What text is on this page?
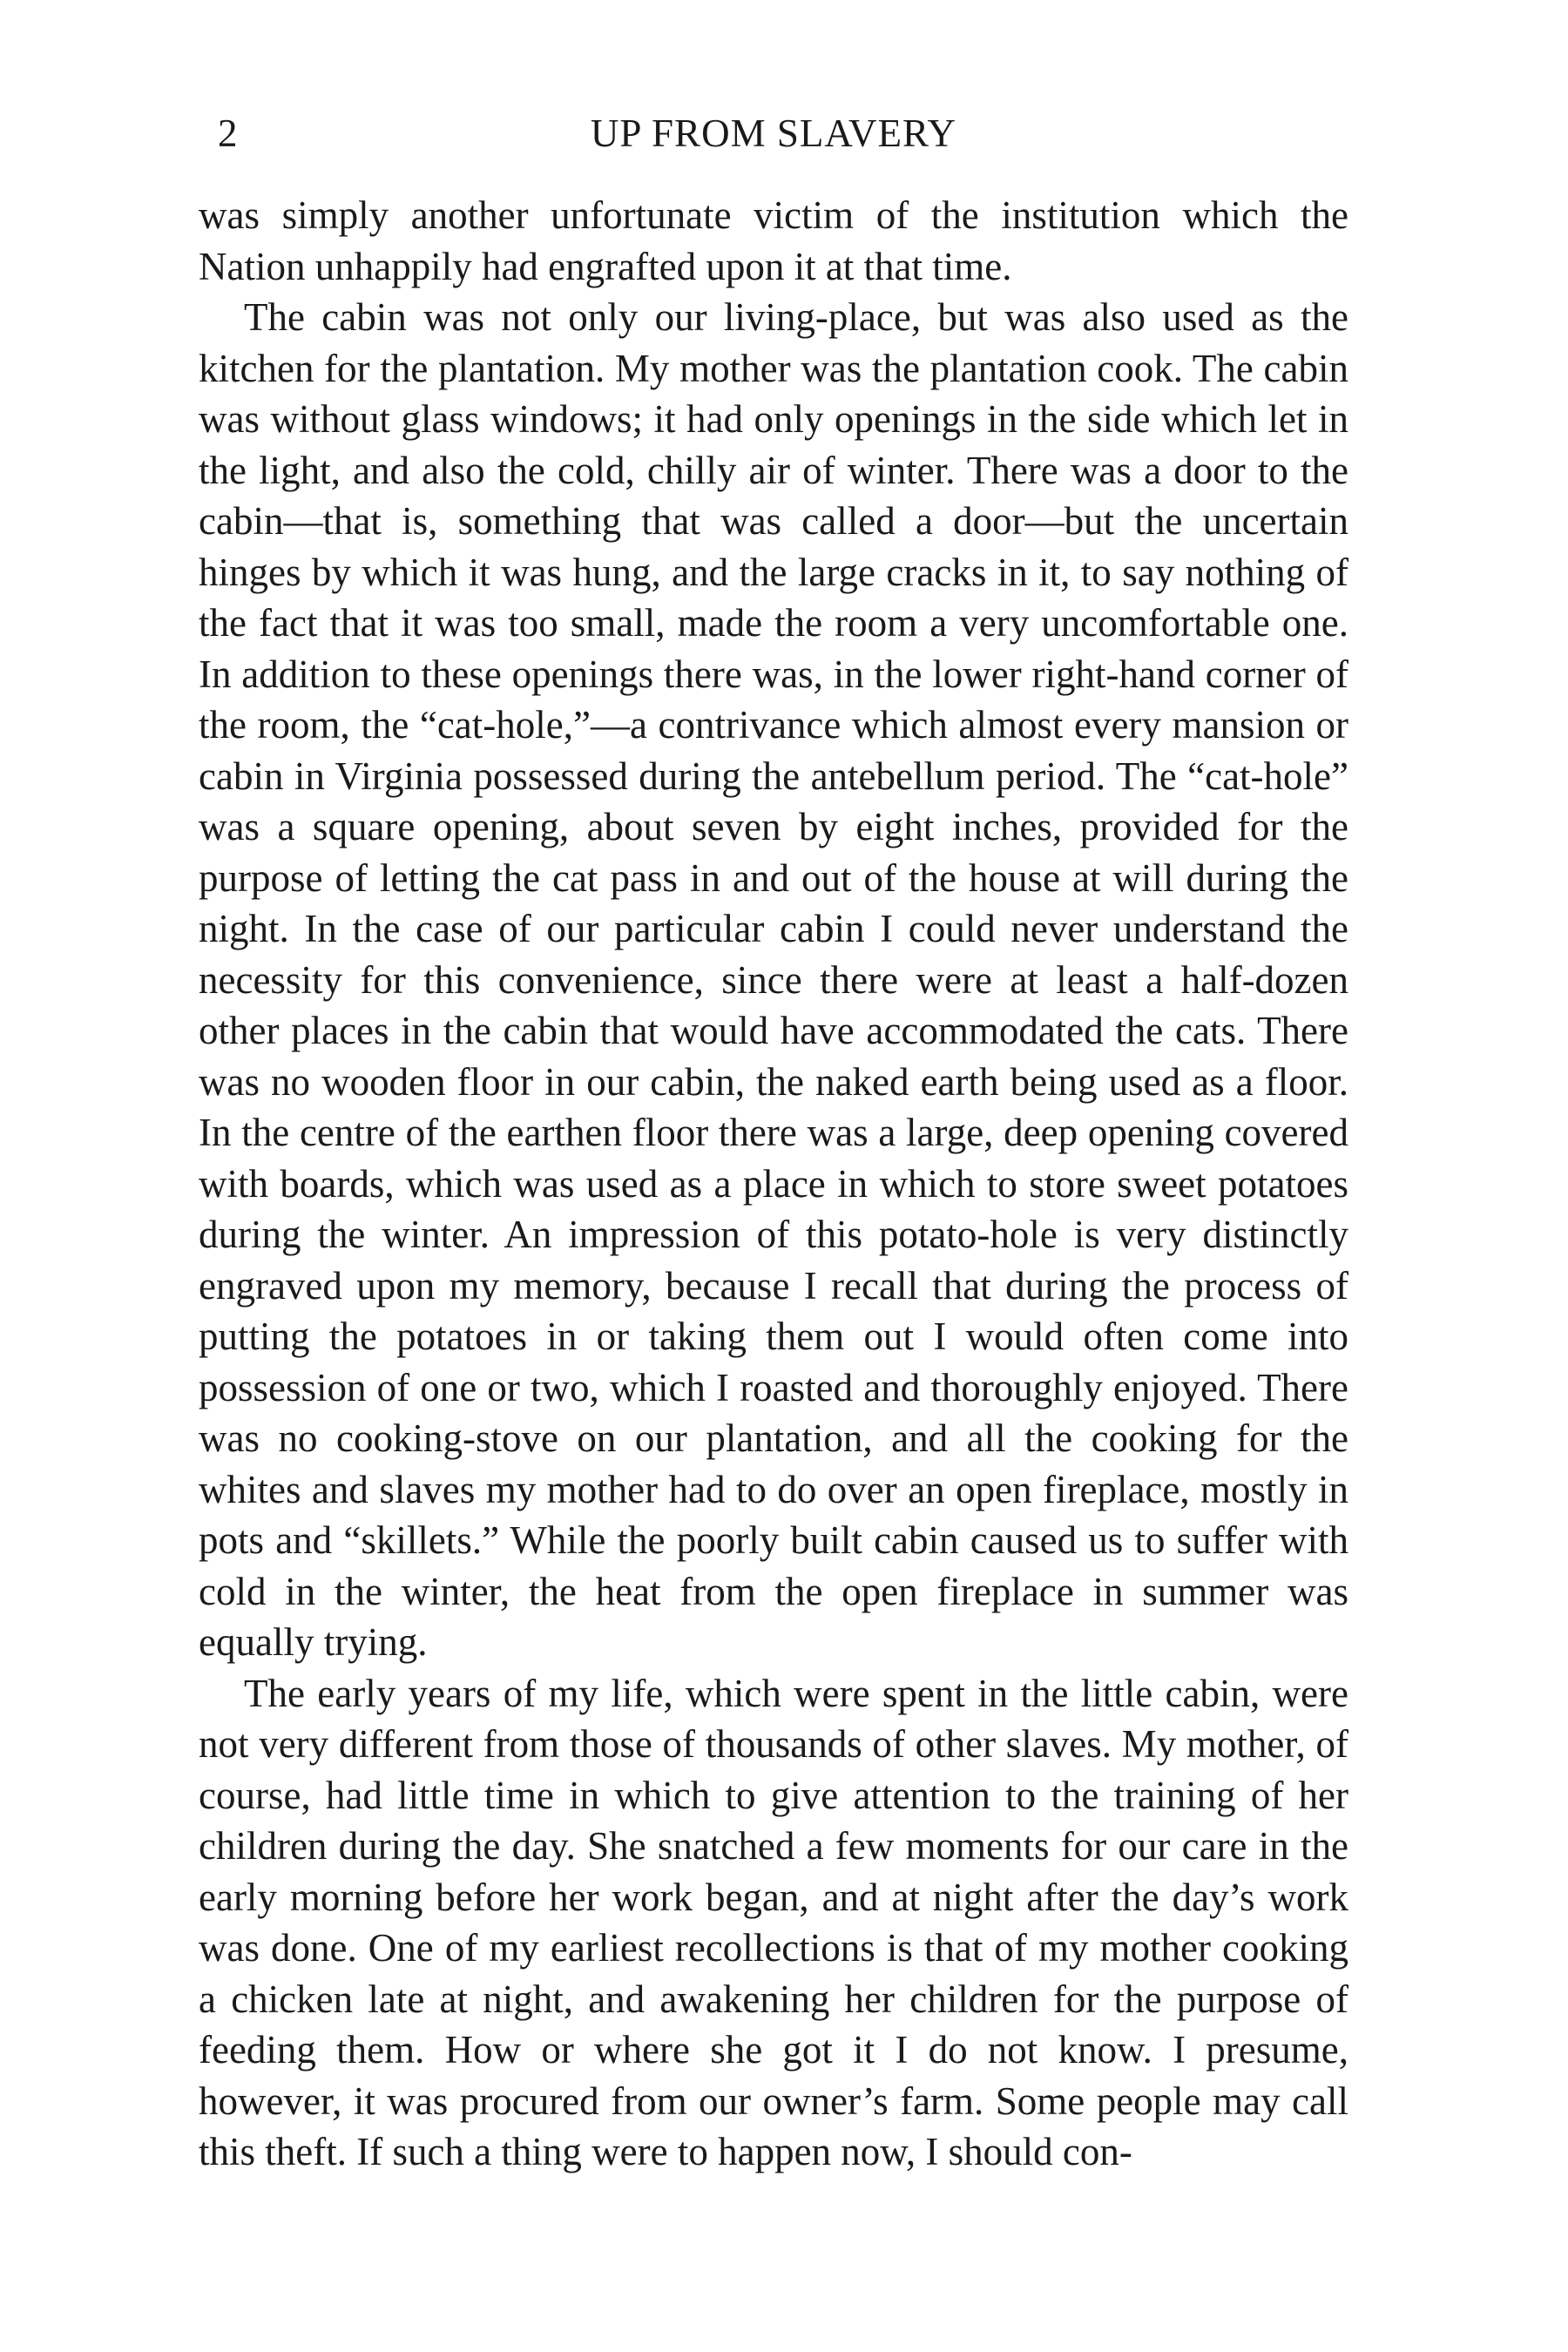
2	UP FROM SLAVERY

was simply another unfortunate victim of the institution which the Nation unhappily had engrafted upon it at that time.

The cabin was not only our living-place, but was also used as the kitchen for the plantation. My mother was the plantation cook. The cabin was without glass windows; it had only openings in the side which let in the light, and also the cold, chilly air of winter. There was a door to the cabin—that is, something that was called a door—but the uncertain hinges by which it was hung, and the large cracks in it, to say nothing of the fact that it was too small, made the room a very uncomfortable one. In addition to these openings there was, in the lower right-hand corner of the room, the “cat-hole,”—a contrivance which almost every mansion or cabin in Virginia possessed during the antebellum period. The “cat-hole” was a square opening, about seven by eight inches, provided for the purpose of letting the cat pass in and out of the house at will during the night. In the case of our particular cabin I could never understand the necessity for this convenience, since there were at least a half-dozen other places in the cabin that would have accommodated the cats. There was no wooden floor in our cabin, the naked earth being used as a floor. In the centre of the earthen floor there was a large, deep opening covered with boards, which was used as a place in which to store sweet potatoes during the winter. An impression of this potato-hole is very distinctly engraved upon my memory, because I recall that during the process of putting the potatoes in or taking them out I would often come into possession of one or two, which I roasted and thoroughly enjoyed. There was no cooking-stove on our plantation, and all the cooking for the whites and slaves my mother had to do over an open fireplace, mostly in pots and “skillets.” While the poorly built cabin caused us to suffer with cold in the winter, the heat from the open fireplace in summer was equally trying.

The early years of my life, which were spent in the little cabin, were not very different from those of thousands of other slaves. My mother, of course, had little time in which to give attention to the training of her children during the day. She snatched a few moments for our care in the early morning before her work began, and at night after the day’s work was done. One of my earliest recollections is that of my mother cooking a chicken late at night, and awakening her children for the purpose of feeding them. How or where she got it I do not know. I presume, however, it was procured from our owner’s farm. Some people may call this theft. If such a thing were to happen now, I should con-
